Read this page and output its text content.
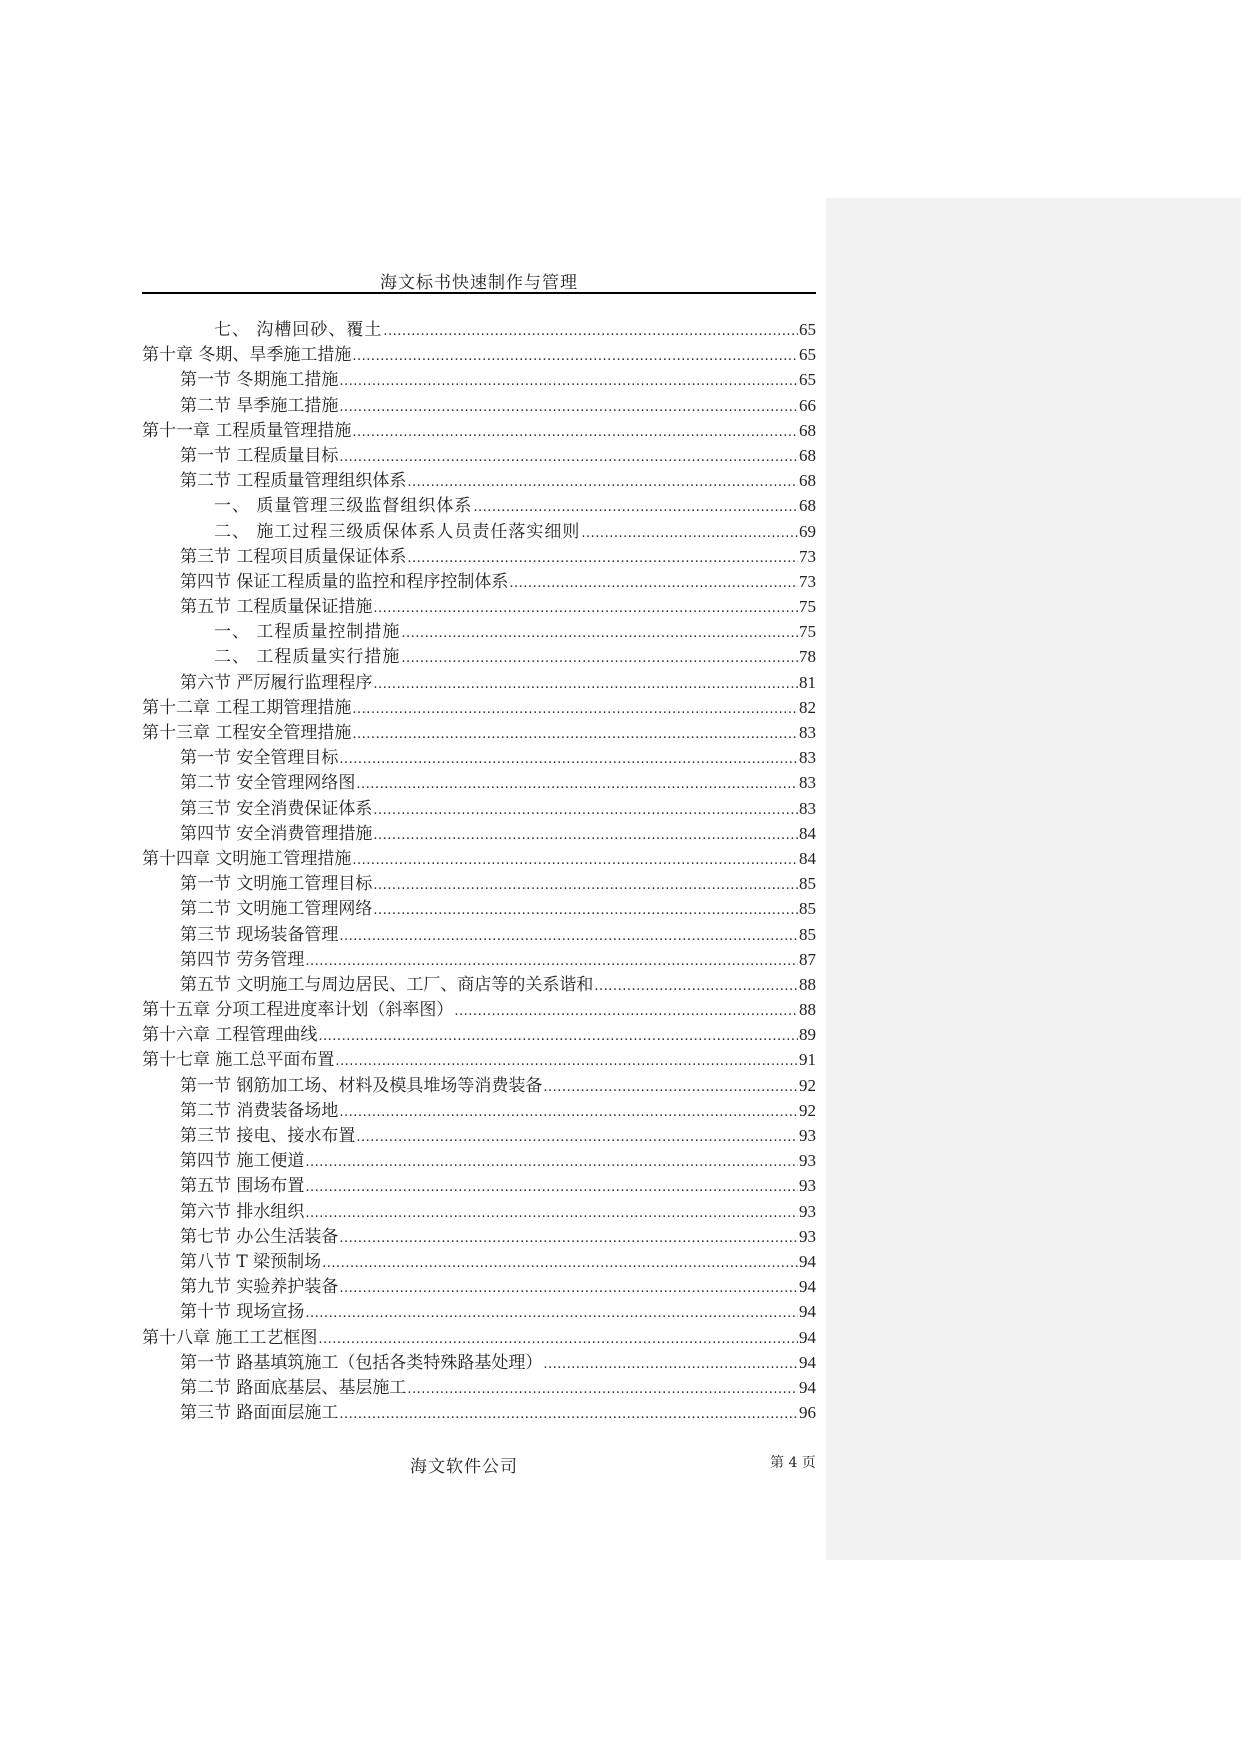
海文标书快速制作与管理
七、 沟槽回砂、覆土 .....	65
第十章 冬期、旱季施工措施 .....	65
第一节 冬期施工措施 .....	65
第二节 旱季施工措施 .....	66
第十一章 工程质量管理措施 .....	68
第一节 工程质量目标 .....	68
第二节 工程质量管理组织体系 .....	68
一、 质量管理三级监督组织体系 .....	68
二、 施工过程三级质保体系人员责任落实细则 .....	69
第三节 工程项目质量保证体系 .....	73
第四节 保证工程质量的监控和程序控制体系 .....	73
第五节 工程质量保证措施 .....	75
一、 工程质量控制措施 .....	75
二、 工程质量实行措施 .....	78
第六节 严厉履行监理程序 .....	81
第十二章 工程工期管理措施 .....	82
第十三章 工程安全管理措施 .....	83
第一节 安全管理目标 .....	83
第二节 安全管理网络图 .....	83
第三节 安全消费保证体系 .....	83
第四节 安全消费管理措施 .....	84
第十四章 文明施工管理措施 .....	84
第一节 文明施工管理目标 .....	85
第二节 文明施工管理网络 .....	85
第三节 现场装备管理 .....	85
第四节 劳务管理 .....	87
第五节 文明施工与周边居民、工厂、商店等的关系谐和 .....	88
第十五章 分项工程进度率计划（斜率图） .....	88
第十六章 工程管理曲线 .....	89
第十七章 施工总平面布置 .....	91
第一节 钢筋加工场、材料及模具堆场等消费装备 .....	92
第二节 消费装备场地 .....	92
第三节 接电、接水布置 .....	93
第四节 施工便道 .....	93
第五节 围场布置 .....	93
第六节 排水组织 .....	93
第七节 办公生活装备 .....	93
第八节 T 梁预制场 .....	94
第九节 实验养护装备 .....	94
第十节 现场宣扬 .....	94
第十八章 施工工艺框图 .....	94
第一节 路基填筑施工（包括各类特殊路基处理） .....	94
第二节 路面底基层、基层施工 .....	94
第三节 路面面层施工 .....	96
海文软件公司	第 4 页
